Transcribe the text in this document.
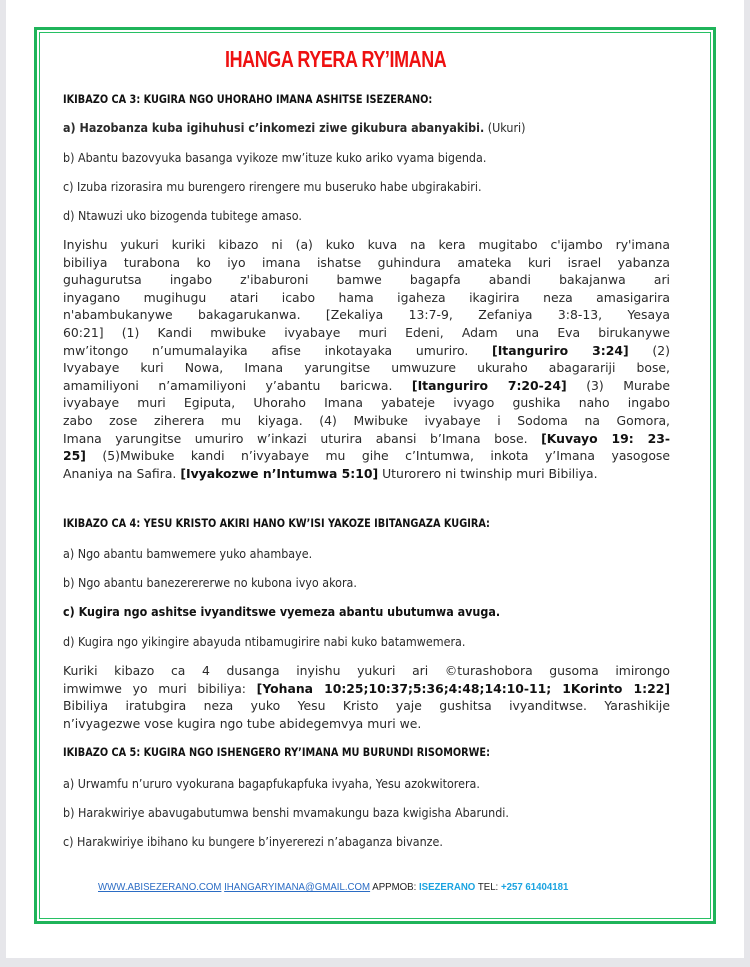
IHANGA RYERA RY’IMANA
IKIBAZO CA 3: KUGIRA NGO UHORAHO IMANA ASHITSE ISEZERANO:
a) Hazobanza kuba igihuhusi c’inkomezi ziwe gikubura abanyakibi. (Ukuri)
b) Abantu bazovyuka basanga vyikoze mw’ituze kuko ariko vyama bigenda.
c) Izuba rizorasira mu burengero rirengere mu buseruko habe ubgirakabiri.
d) Ntawuzi uko bizogenda tubitege amaso.
Inyishu yukuri kuriki kibazo ni (a) kuko kuva na kera mugitabo c'ijambo ry'imana
bibiliya turabona ko iyo imana ishatse guhindura amateka kuri israel yabanza
guhagurutsa ingabo z'ibaburoni bamwe bagapfa abandi bakajanwa ari
inyagano mugihugu atari icabo hama igaheza ikagirira neza amasigarira
n'abambukanywe bakagarukanwa. [Zekaliya 13:7-9, Zefaniya 3:8-13, Yesaya
60:21] (1) Kandi mwibuke ivyabaye muri Edeni, Adam una Eva birukanywe
mw’itongo n’umumalayika afise inkotayaka umuriro. [Itanguriro 3:24] (2)
Ivyabaye kuri Nowa, Imana yarungitse umwuzure ukuraho abagarariji bose,
amamiliyoni n’amamiliyoni y’abantu baricwa. [Itanguriro 7:20-24] (3) Murabe
ivyabaye muri Egiputa, Uhoraho Imana yabateje ivyago gushika naho ingabo
zabo zose ziherera mu kiyaga. (4) Mwibuke ivyabaye i Sodoma na Gomora,
Imana yarungitse umuriro w’inkazi uturira abansi b’Imana bose. [Kuvayo 19: 23-
25] (5)Mwibuke kandi n’ivyabaye mu gihe c’Intumwa, inkota y’Imana yasogose
Ananiya na Safira. [Ivyakozwe n’Intumwa 5:10] Uturorero ni twinship muri Bibiliya.
IKIBAZO CA 4: YESU KRISTO AKIRI HANO KW’ISI YAKOZE IBITANGAZA KUGIRA:
a) Ngo abantu bamwemere yuko ahambaye.
b) Ngo abantu banezerererwe no kubona ivyo akora.
c) Kugira ngo ashitse ivyanditswe vyemeza abantu ubutumwa avuga.
d) Kugira ngo yikingire abayuda ntibamugirire nabi kuko batamwemera.
Kuriki kibazo ca 4 dusanga inyishu yukuri ari ©turashobora gusoma imirongo
imwimwe yo muri bibiliya: [Yohana 10:25;10:37;5:36;4:48;14:10-11; 1Korinto 1:22]
Bibiliya iratubgira neza yuko Yesu Kristo yaje gushitsa ivyanditwse. Yarashikije
n’ivyagezwe vose kugira ngo tube abidegemvya muri we.
IKIBAZO CA 5: KUGIRA NGO ISHENGERO RY’IMANA MU BURUNDI RISOMORWE:
a) Urwamfu n’ururo vyokurana bagapfukapfuka ivyaha, Yesu azokwitorera.
b) Harakwiriye abavugabutumwa benshi mvamakungu baza kwigisha Abarundi.
c) Harakwiriye ibihano ku bungere b’inyererezi n’abaganza bivanze.
WWW.ABISEZERANO.COM IHANGARYIMANA@GMAIL.COM APPMOB: ISEZERANO TEL: +257 61404181
